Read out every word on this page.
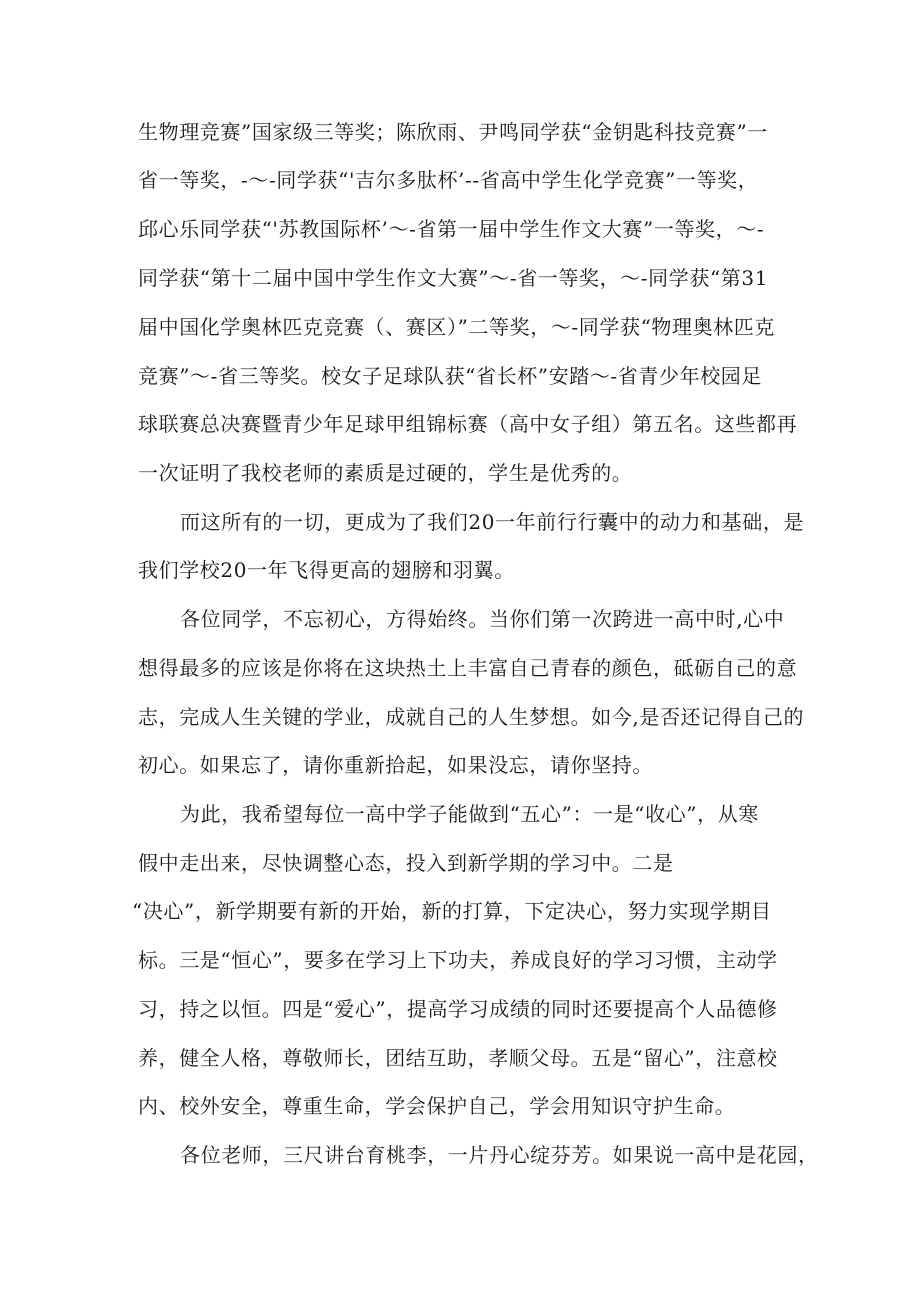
生物理竞赛”国家级三等奖；陈欣雨、尹鸣同学获“金钥匙科技竞赛”一
省一等奖，-～-同学获“'吉尔多肽杯’--省高中学生化学竞赛”一等奖，
邱心乐同学获“'苏教国际杯’～-省第一届中学生作文大赛”一等奖，～-
同学获“第十二届中国中学生作文大赛”～-省一等奖，～-同学获“第31
届中国化学奥林匹克竞赛（、赛区）”二等奖，～-同学获“物理奥林匹克
竞赛”～-省三等奖。校女子足球队获“省长杯”安踏～-省青少年校园足
球联赛总决赛暨青少年足球甲组锦标赛（高中女子组）第五名。这些都再
一次证明了我校老师的素质是过硬的，学生是优秀的。
而这所有的一切，更成为了我们20一年前行行囊中的动力和基础，是
我们学校20一年飞得更高的翅膀和羽翼。
各位同学，不忘初心，方得始终。当你们第一次跨进一高中时,心中
想得最多的应该是你将在这块热土上丰富自己青春的颜色，砥砺自己的意
志，完成人生关键的学业，成就自己的人生梦想。如今,是否还记得自己的
初心。如果忘了，请你重新拾起，如果没忘，请你坚持。
为此，我希望每位一高中学子能做到“五心”：一是“收心”，从寒
假中走出来，尽快调整心态，投入到新学期的学习中。二是
“决心”，新学期要有新的开始，新的打算，下定决心，努力实现学期目
标。三是“恒心”，要多在学习上下功夫，养成良好的学习习惯，主动学
习，持之以恒。四是“爱心”，提高学习成绩的同时还要提高个人品德修
养，健全人格，尊敬师长，团结互助，孝顺父母。五是“留心”，注意校
内、校外安全，尊重生命，学会保护自己，学会用知识守护生命。
各位老师，三尺讲台育桃李，一片丹心绽芬芳。如果说一高中是花园，
